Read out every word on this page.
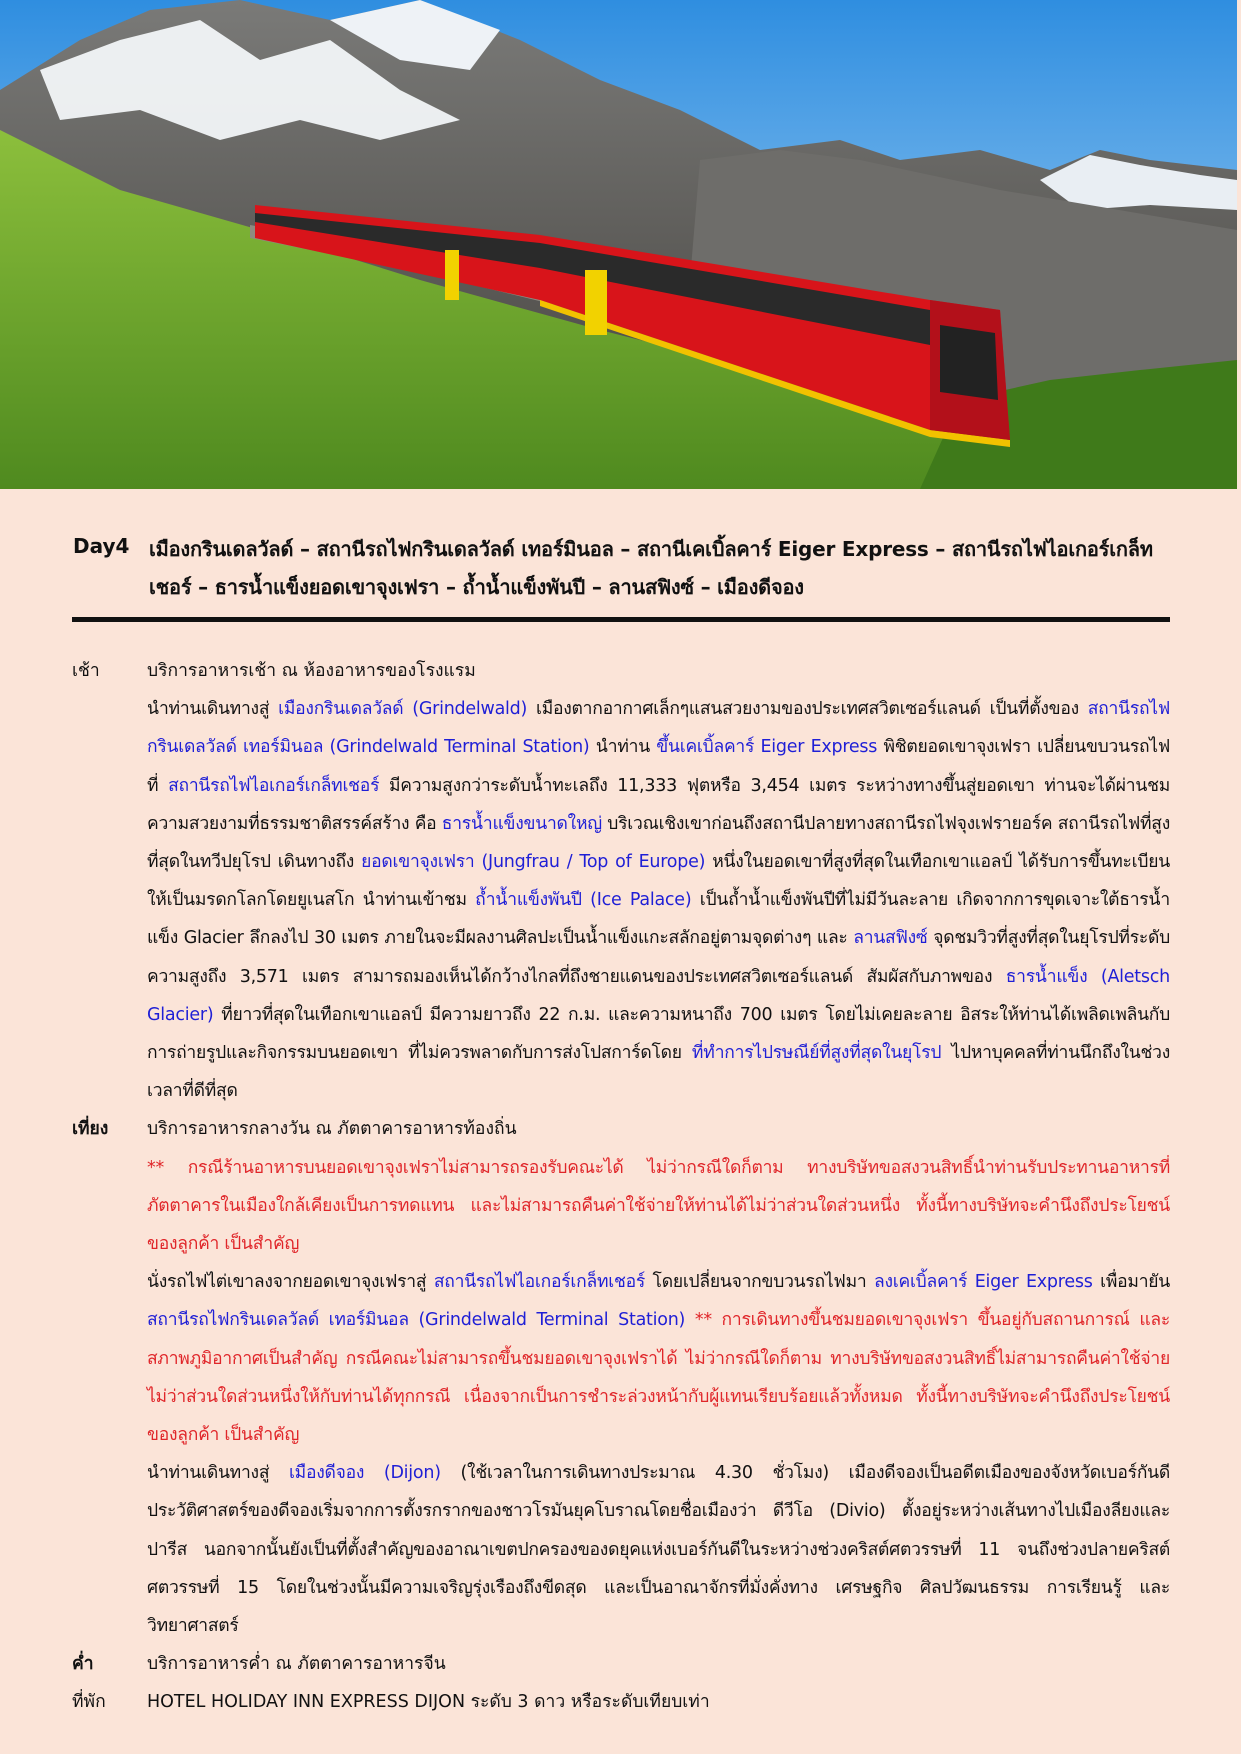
Day4 เมืองกรินเดลวัลด์ – สถานีรถไฟกรินเดลวัลด์ เทอร์มินอล – สถานีเคเบิ้ลคาร์ Eiger Express – สถานีรถไฟไอเกอร์เกล็ทเชอร์ – ธารน้ำแข็งยอดเขาจุงเฟรา – ถ้ำน้ำแข็งพันปี – ลานสฟิงซ์ – เมืองดีจอง
เช้า	บริการอาหารเช้า ณ ห้องอาหารของโรงแรม
นำท่านเดินทางสู่ เมืองกรินเดลวัลด์ (Grindelwald) เมืองตากอากาศเล็กๆแสนสวยงามของประเทศสวิตเซอร์แลนด์ เป็นที่ตั้งของ สถานีรถไฟกรินเดลวัลด์ เทอร์มินอล (Grindelwald Terminal Station) นำท่าน ขึ้นเคเบิ้ลคาร์ Eiger Express พิชิตยอดเขาจุงเฟรา เปลี่ยนขบวนรถไฟที่ สถานีรถไฟไอเกอร์เกล็ทเชอร์ มีความสูงกว่าระดับน้ำทะเลถึง 11,333 ฟุตหรือ 3,454 เมตร ระหว่างทางขึ้นสู่ยอดเขา ท่านจะได้ผ่านชมความสวยงามที่ธรรมชาติสรรค์สร้าง คือ ธารน้ำแข็งขนาดใหญ่ บริเวณเชิงเขาก่อนถึงสถานีปลายทางสถานีรถไฟจุงเฟรายอร์ค สถานีรถไฟที่สูงที่สุดในทวีปยุโรป เดินทางถึง ยอดเขาจุงเฟรา (Jungfrau / Top of Europe) หนึ่งในยอดเขาที่สูงที่สุดในเทือกเขาแอลป์ ได้รับการขึ้นทะเบียนให้เป็นมรดกโลกโดยยูเนสโก นำท่านเข้าชม ถ้ำน้ำแข็งพันปี (Ice Palace) เป็นถ้ำน้ำแข็งพันปีที่ไม่มีวันละลาย เกิดจากการขุดเจาะใต้ธารน้ำแข็ง Glacier ลึกลงไป 30 เมตร ภายในจะมีผลงานศิลปะเป็นน้ำแข็งแกะสลักอยู่ตามจุดต่างๆ และ ลานสฟิงซ์ จุดชมวิวที่สูงที่สุดในยุโรปที่ระดับความสูงถึง 3,571 เมตร สามารถมองเห็นได้กว้างไกลที่ถึงชายแดนของประเทศสวิตเซอร์แลนด์ สัมผัสกับภาพของ ธารน้ำแข็ง (Aletsch Glacier) ที่ยาวที่สุดในเทือกเขาแอลป์ มีความยาวถึง 22 ก.ม. และความหนาถึง 700 เมตร โดยไม่เคยละลาย อิสระให้ท่านได้เพลิดเพลินกับการถ่ายรูปและกิจกรรมบนยอดเขา ที่ไม่ควรพลาดกับการส่งโปสการ์ดโดย ที่ทำการไปรษณีย์ที่สูงที่สุดในยุโรป ไปหาบุคคลที่ท่านนึกถึงในช่วงเวลาที่ดีที่สุด
เที่ยง บริการอาหารกลางวัน ณ ภัตตาคารอาหารท้องถิ่น
** กรณีร้านอาหารบนยอดเขาจุงเฟราไม่สามารถรองรับคณะได้ ไม่ว่ากรณีใดก็ตาม ทางบริษัทขอสงวนสิทธิ์นำท่านรับประทานอาหารที่ภัตตาคารในเมืองใกล้เคียงเป็นการทดแทน และไม่สามารถคืนค่าใช้จ่ายให้ท่านได้ไม่ว่าส่วนใดส่วนหนึ่ง ทั้งนี้ทางบริษัทจะคำนึงถึงประโยชน์ของลูกค้า เป็นสำคัญ
นั่งรถไฟไต่เขาลงจากยอดเขาจุงเฟราสู่ สถานีรถไฟไอเกอร์เกล็ทเชอร์ โดยเปลี่ยนจากขบวนรถไฟมา ลงเคเบิ้ลคาร์ Eiger Express เพื่อมายัน สถานีรถไฟกรินเดลวัลด์ เทอร์มินอล (Grindelwald Terminal Station) ** การเดินทางขึ้นชมยอดเขาจุงเฟรา ขึ้นอยู่กับสถานการณ์ และ สภาพภูมิอากาศเป็นสำคัญ กรณีคณะไม่สามารถขึ้นชมยอดเขาจุงเฟราได้ ไม่ว่ากรณีใดก็ตาม ทางบริษัทขอสงวนสิทธิ์ไม่สามารถคืนค่าใช้จ่าย ไม่ว่าส่วนใดส่วนหนึ่งให้กับท่านได้ทุกกรณี เนื่องจากเป็นการชำระล่วงหน้ากับผู้แทนเรียบร้อยแล้วทั้งหมด ทั้งนี้ทางบริษัทจะคำนึงถึงประโยชน์ของลูกค้า เป็นสำคัญ
นำท่านเดินทางสู่ เมืองดีจอง (Dijon) (ใช้เวลาในการเดินทางประมาณ 4.30 ชั่วโมง) เมืองดีจองเป็นอดีตเมืองของจังหวัดเบอร์กันดี ประวัติศาสตร์ของดีจองเริ่มจากการตั้งรกรากของชาวโรมันยุคโบราณโดยชื่อเมืองว่า ดีวีโอ (Divio) ตั้งอยู่ระหว่างเส้นทางไปเมืองลียงและปารีส นอกจากนั้นยังเป็นที่ตั้งสำคัญของอาณาเขตปกครองของดยุคแห่งเบอร์กันดีในระหว่างช่วงคริสต์ศตวรรษที่ 11 จนถึงช่วงปลายคริสต์ศตวรรษที่ 15 โดยในช่วงนั้นมีความเจริญรุ่งเรืองถึงขีดสุด และเป็นอาณาจักรที่มั่งคั่งทาง เศรษฐกิจ ศิลปวัฒนธรรม การเรียนรู้ และวิทยาศาสตร์
ค่ำ	บริการอาหารค่ำ ณ ภัตตาคารอาหารจีน
ที่พัก HOTEL HOLIDAY INN EXPRESS DIJON ระดับ 3 ดาว หรือระดับเทียบเท่า
